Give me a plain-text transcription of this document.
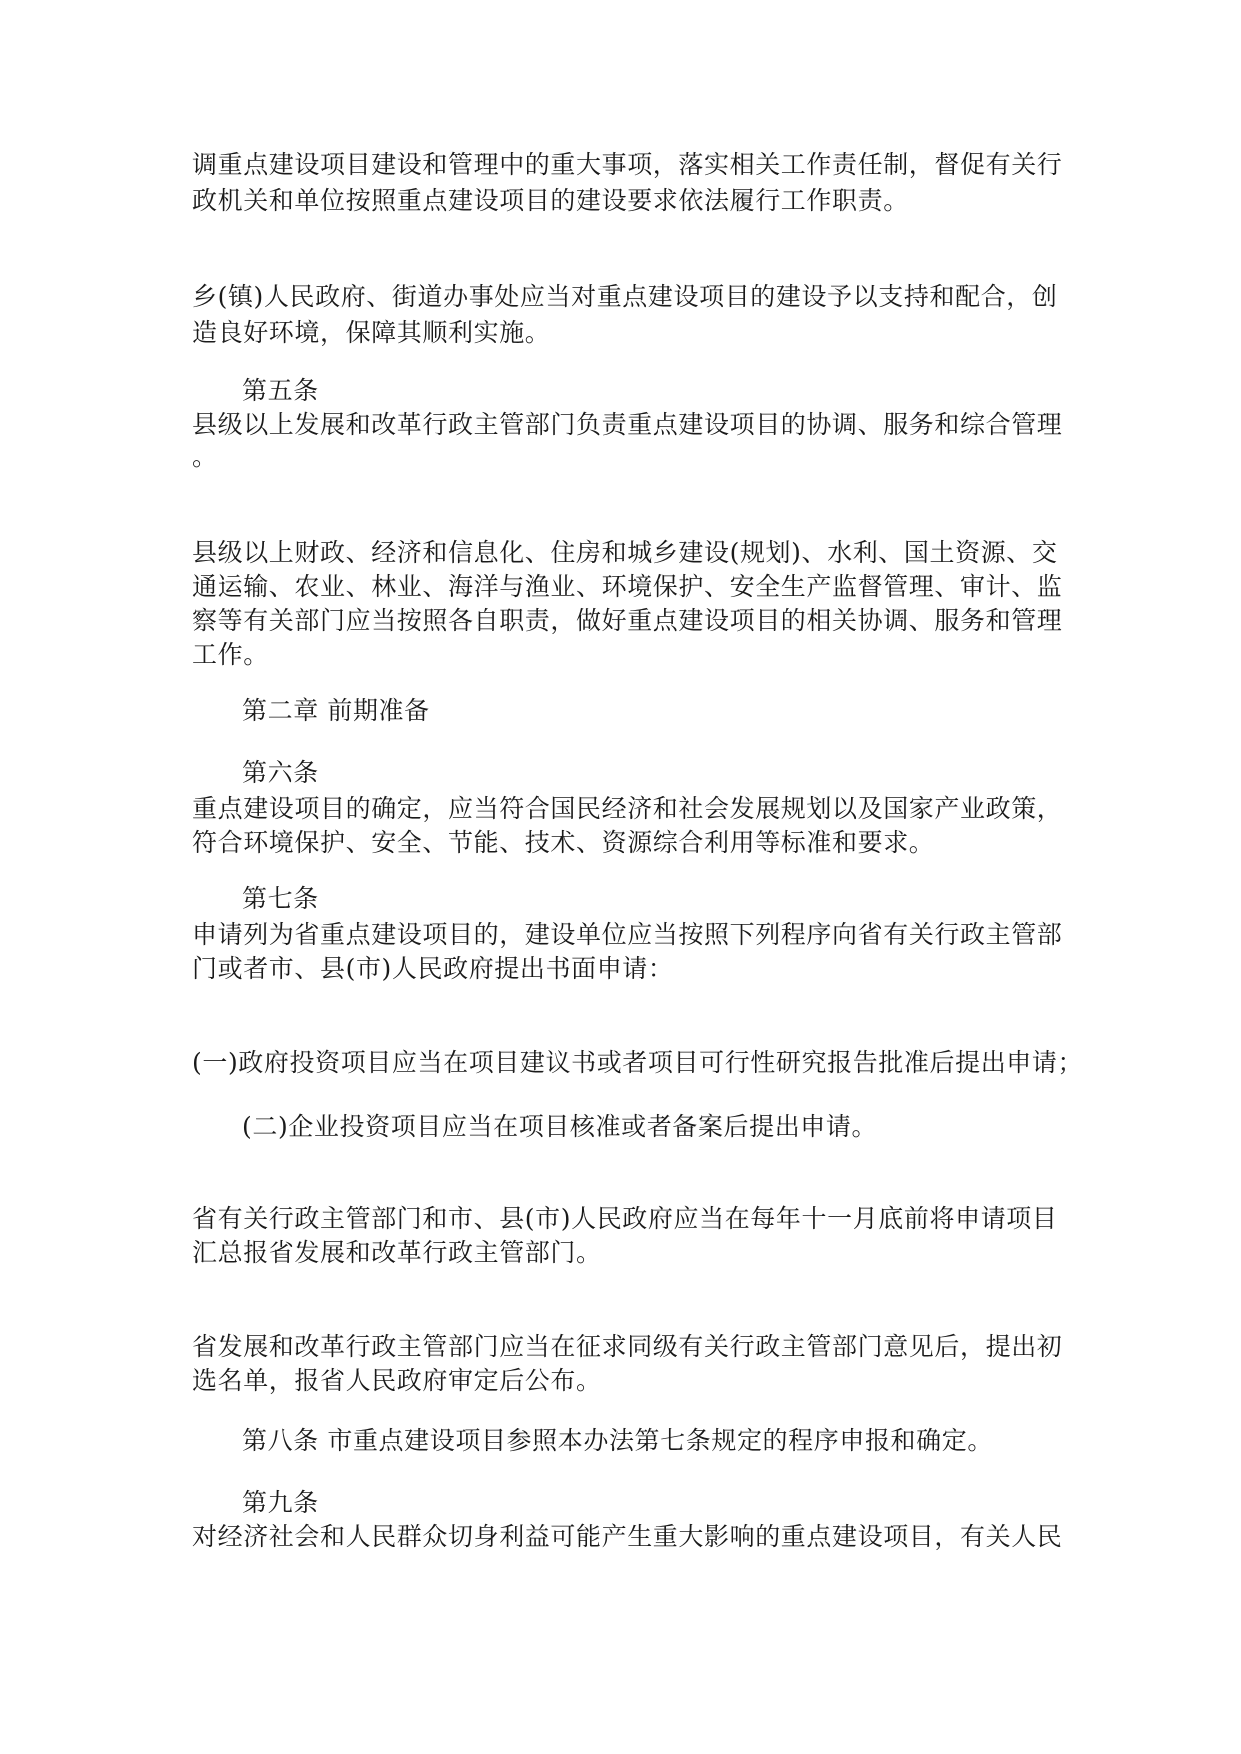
调重点建设项目建设和管理中的重大事项，落实相关工作责任制，督促有关行
政机关和单位按照重点建设项目的建设要求依法履行工作职责。
乡(镇)人民政府、街道办事处应当对重点建设项目的建设予以支持和配合，创
造良好环境，保障其顺利实施。
第五条
县级以上发展和改革行政主管部门负责重点建设项目的协调、服务和综合管理
。
县级以上财政、经济和信息化、住房和城乡建设(规划)、水利、国土资源、交
通运输、农业、林业、海洋与渔业、环境保护、安全生产监督管理、审计、监
察等有关部门应当按照各自职责，做好重点建设项目的相关协调、服务和管理
工作。
第二章 前期准备
第六条
重点建设项目的确定，应当符合国民经济和社会发展规划以及国家产业政策，
符合环境保护、安全、节能、技术、资源综合利用等标准和要求。
第七条
申请列为省重点建设项目的，建设单位应当按照下列程序向省有关行政主管部
门或者市、县(市)人民政府提出书面申请：
(一)政府投资项目应当在项目建议书或者项目可行性研究报告批准后提出申请；
(二)企业投资项目应当在项目核准或者备案后提出申请。
省有关行政主管部门和市、县(市)人民政府应当在每年十一月底前将申请项目
汇总报省发展和改革行政主管部门。
省发展和改革行政主管部门应当在征求同级有关行政主管部门意见后，提出初
选名单，报省人民政府审定后公布。
第八条 市重点建设项目参照本办法第七条规定的程序申报和确定。
第九条
对经济社会和人民群众切身利益可能产生重大影响的重点建设项目，有关人民
